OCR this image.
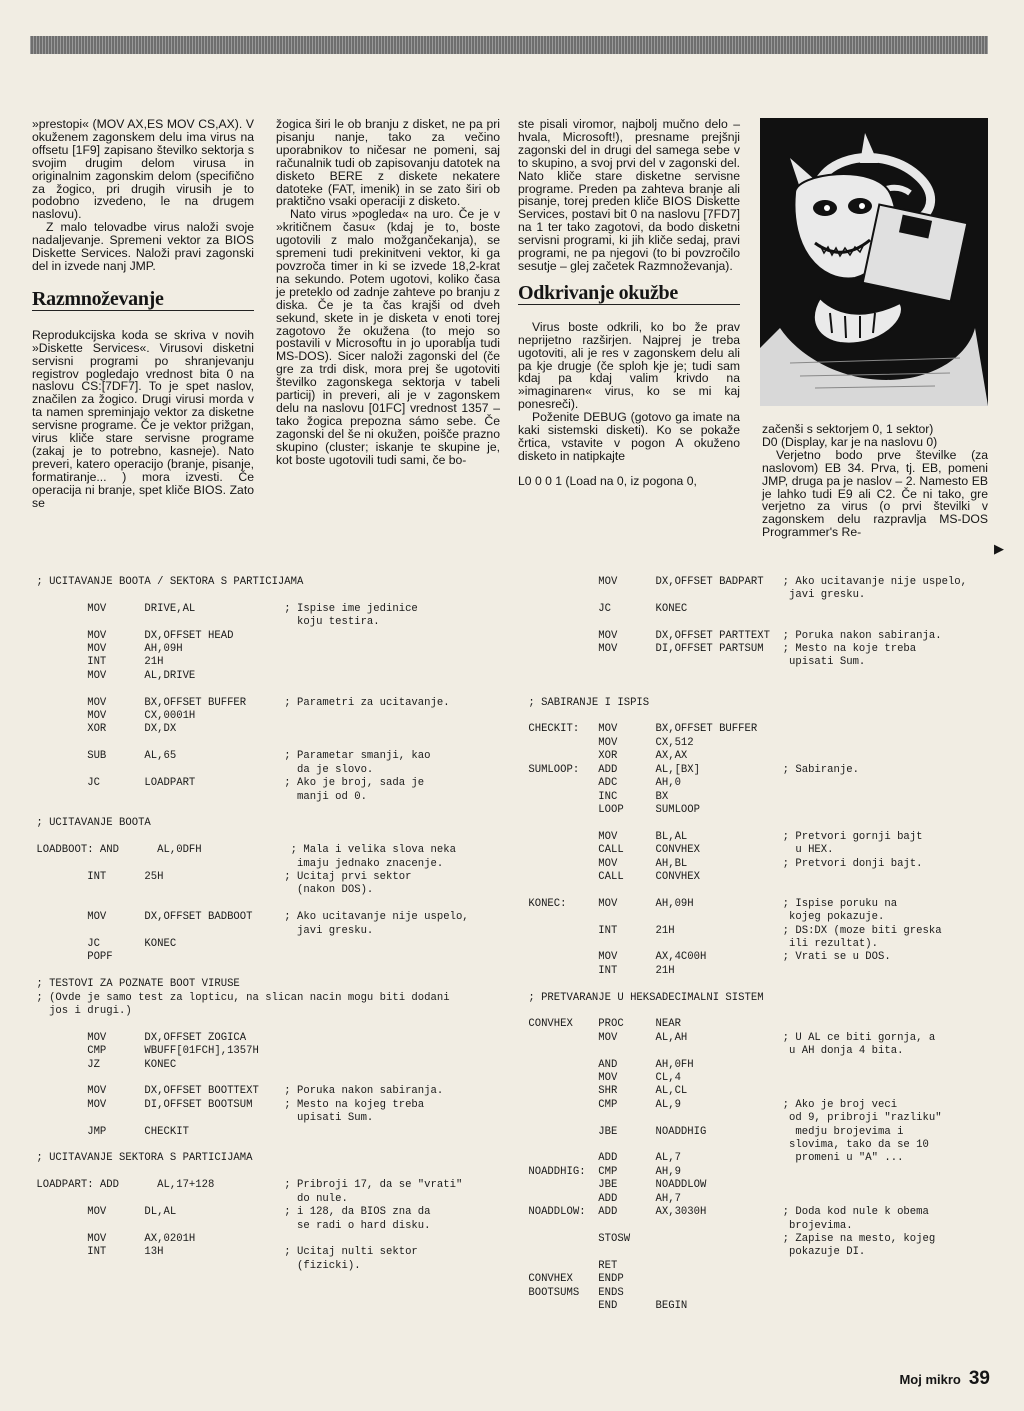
»prestopi« (MOV AX,ES MOV CS,AX). V okuženem zagonskem delu ima virus na offsetu [1F9] zapisano številko sektorja s svojim drugim delom virusa in originalnim zagonskim delom (specifično za žogico, pri drugih virusih je to podobno izvedeno, le na drugem naslovu).

Z malo telovadbe virus naloži svoje nadaljevanje. Spremeni vektor za BIOS Diskette Services. Naloži pravi zagonski del in izvede nanj JMP.

Razmnoževanje

Reprodukcijska koda se skriva v novih »Diskette Services«. Virusovi disketni servisni programi po shranjevanju registrov pogledajo vrednost bita 0 na naslovu CS:[7DF7]. To je spet naslov, značilen za žogico. Drugi virusi morda v ta namen spreminjajo vektor za disketne servisne programe. Če je vektor prižgan, virus kliče stare servisne programe (zakaj je to potrebno, kasneje). Nato preveri, katero operacijo (branje, pisanje, formatiranje... ) mora izvesti. Če operacija ni branje, spet kliče BIOS. Zato se

žogica širi le ob branju z disket, ne pa pri pisanju nanje, tako za večino uporabnikov to ničesar ne pomeni, saj računalnik tudi ob zapisovanju datotek na disketo BERE z diskete nekatere datoteke (FAT, imenik) in se zato širi ob praktično vsaki operaciji z disketo.

Nato virus »pogleda« na uro. Če je v »kritičnem času« (kdaj je to, boste ugotovili z malo možgančekanja), se spremeni tudi prekinitveni vektor, ki ga povzroča timer in ki se izvede 18,2-krat na sekundo. Potem ugotovi, koliko časa je preteklo od zadnje zahteve po branju z diska. Če je ta čas krajši od dveh sekund, skete in je disketa v enoti torej zagotovo že okužena (to mejo so postavili v Microsoftu in jo uporablja tudi MS-DOS). Sicer naloži zagonski del (če gre za trdi disk, mora prej še ugotoviti številko zagonskega sektorja v tabeli particij) in preveri, ali je v zagonskem delu na naslovu [01FC] vrednost 1357 – tako žogica prepozna sámo sebe. Če zagonski del še ni okužen, poišče prazno skupino (cluster; iskanje te skupine je, kot boste ugotovili tudi sami, če bo-

ste pisali viromor, najbolj mučno delo – hvala, Microsoft!), presname prejšnji zagonski del in drugi del samega sebe v to skupino, a svoj prvi del v zagonski del. Nato kliče stare disketne servisne programe. Preden pa zahteva branje ali pisanje, torej preden kliče BIOS Diskette Services, postavi bit 0 na naslovu [7FD7] na 1 ter tako zagotovi, da bodo disketni servisni programi, ki jih kliče sedaj, pravi programi, ne pa njegovi (to bi povzročilo sesutje – glej začetek Razmnoževanja).

Odkrivanje okužbe

Virus boste odkrili, ko bo že prav neprijetno razširjen. Najprej je treba ugotoviti, ali je res v zagonskem delu ali pa kje drugje (če sploh kje je; tudi sam kdaj pa kdaj valim krivdo na »imaginaren« virus, ko se mi kaj ponesreči).

Poženite DEBUG (gotovo ga imate na kaki sistemski disketi). Ko se pokaže črtica, vstavite v pogon A okuženo disketo in natipkajte

L0 0 0 1 (Load na 0, iz pogona 0,

začenši s sektorjem 0, 1 sektor)
D0 (Display, kar je na naslovu 0)

Verjetno bodo prve številke (za naslovom) EB 34. Prva, tj. EB, pomeni JMP, druga pa je naslov – 2. Namesto EB je lahko tudi E9 ali C2. Če ni tako, gre verjetno za virus (o prvi številki v zagonskem delu razpravlja MS-DOS Programmer's Re-

▶
; UCITAVANJE BOOTA / SEKTORA S PARTICIJAMA

MOV      DRIVE,AL              ; Ispise ime jedinice
koju testira.
MOV      DX,OFFSET HEAD
MOV      AH,09H
INT      21H
MOV      AL,DRIVE

MOV      BX,OFFSET BUFFER      ; Parametri za ucitavanje.
MOV      CX,0001H
XOR      DX,DX

SUB      AL,65                 ; Parametar smanji, kao
da je slovo.
JC       LOADPART              ; Ako je broj, sada je
manji od 0.

; UCITAVANJE BOOTA

LOADBOOT: AND      AL,0DFH              ; Mala i velika slova neka
imaju jednako znacenje.
INT      25H                   ; Ucitaj prvi sektor
(nakon DOS).

MOV      DX,OFFSET BADBOOT     ; Ako ucitavanje nije uspelo,
javi gresku.
JC       KONEC
POPF

; TESTOVI ZA POZNATE BOOT VIRUSE
; (Ovde je samo test za lopticu, na slican nacin mogu biti dodani
jos i drugi.)

MOV      DX,OFFSET ZOGICA
CMP      WBUFF[01FCH],1357H
JZ       KONEC

MOV      DX,OFFSET BOOTTEXT    ; Poruka nakon sabiranja.
MOV      DI,OFFSET BOOTSUM     ; Mesto na kojeg treba
upisati Sum.
JMP      CHECKIT

; UCITAVANJE SEKTORA S PARTICIJAMA

LOADPART: ADD      AL,17+128           ; Pribroji 17, da se "vrati"
do nule.
MOV      DL,AL                 ; i 128, da BIOS zna da
se radi o hard disku.
MOV      AX,0201H
INT      13H                   ; Ucitaj nulti sektor
(fizicki).
MOV      DX,OFFSET BADPART   ; Ako ucitavanje nije uspelo,
javi gresku.
JC       KONEC

MOV      DX,OFFSET PARTTEXT  ; Poruka nakon sabiranja.
MOV      DI,OFFSET PARTSUM   ; Mesto na koje treba
upisati Sum.

; SABIRANJE I ISPIS

CHECKIT:   MOV      BX,OFFSET BUFFER
MOV      CX,512
XOR      AX,AX
SUMLOOP:   ADD      AL,[BX]             ; Sabiranje.
ADC      AH,0
INC      BX
LOOP     SUMLOOP

MOV      BL,AL               ; Pretvori gornji bajt
CALL     CONVHEX               u HEX.
MOV      AH,BL               ; Pretvori donji bajt.
CALL     CONVHEX

KONEC:     MOV      AH,09H              ; Ispise poruku na
kojeg pokazuje.
INT      21H                 ; DS:DX (moze biti greska
ili rezultat).
MOV      AX,4C00H            ; Vrati se u DOS.
INT      21H

; PRETVARANJE U HEKSADECIMALNI SISTEM

CONVHEX    PROC     NEAR
MOV      AL,AH               ; U AL ce biti gornja, a
u AH donja 4 bita.
AND      AH,0FH
MOV      CL,4
SHR      AL,CL
CMP      AL,9                ; Ako je broj veci
od 9, pribroji "razliku"
JBE      NOADDHIG              medju brojevima i
slovima, tako da se 10
ADD      AL,7                  promeni u "A" ...
NOADDHIG:  CMP      AH,9
JBE      NOADDLOW
ADD      AH,7
NOADDLOW:  ADD      AX,3030H            ; Doda kod nule k obema
brojevima.
STOSW                        ; Zapise na mesto, kojeg
pokazuje DI.
RET
CONVHEX    ENDP
BOOTSUMS   ENDS
END      BEGIN
Moj mikro 39
